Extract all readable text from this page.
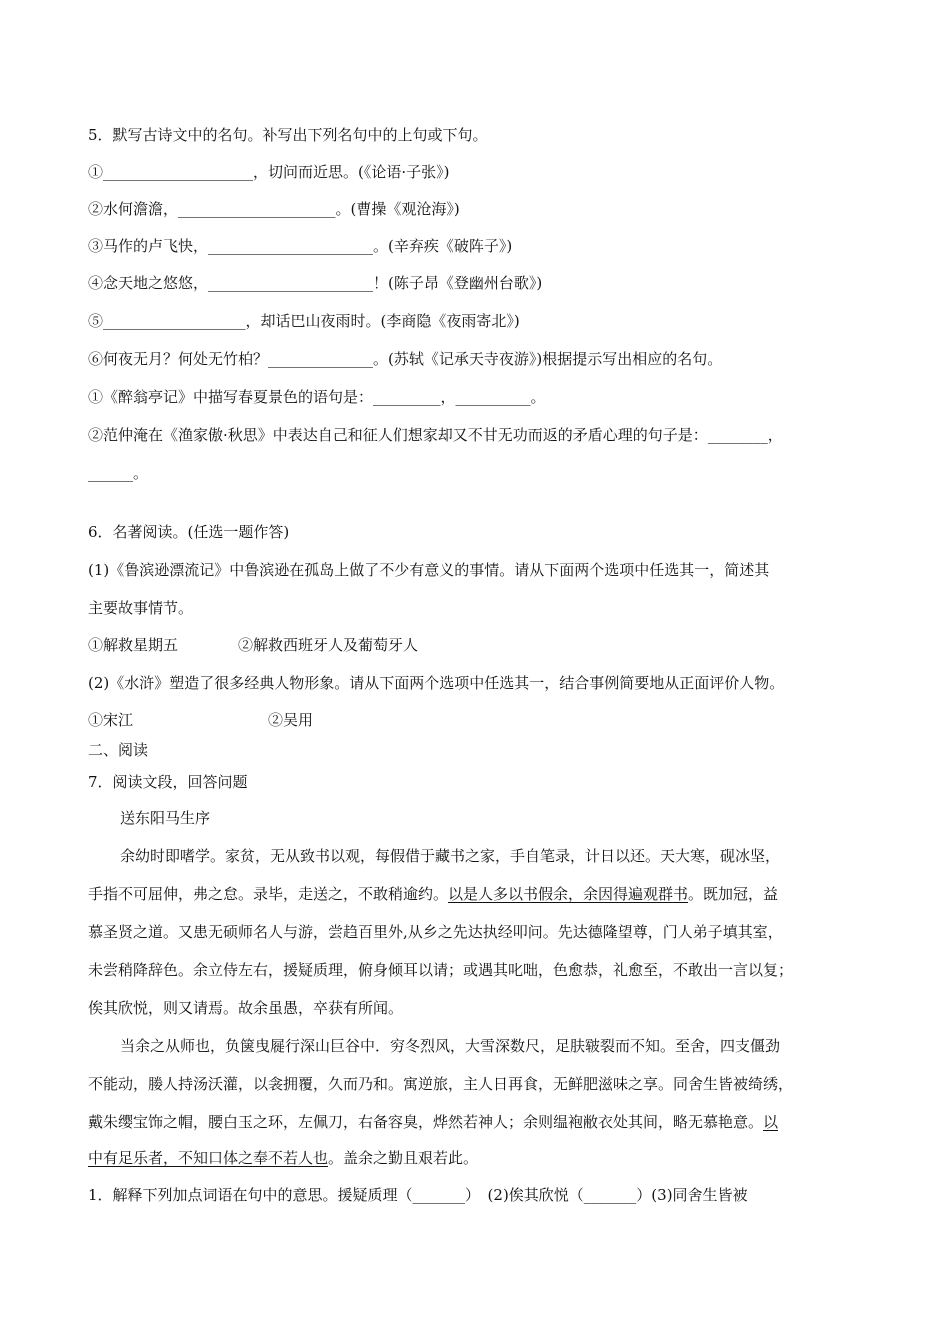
5．默写古诗文中的名句。补写出下列名句中的上句或下句。
①____________________，切问而近思。(《论语·子张》)
②水何澹澹，_____________________。(曹操《观沧海》)
③马作的卢飞快，______________________。(辛弃疾《破阵子》)
④念天地之悠悠，______________________！(陈子昂《登幽州台歌》)
⑤___________________，却话巴山夜雨时。(李商隐《夜雨寄北》)
⑥何夜无月？何处无竹柏？______________。(苏轼《记承天寺夜游》)根据提示写出相应的名句。
①《醉翁亭记》中描写春夏景色的语句是：_________，__________。
②范仲淹在《渔家傲·秋思》中表达自己和征人们想家却又不甘无功而返的矛盾心理的句子是：________，
______。
6．名著阅读。(任选一题作答)
(1)《鲁滨逊漂流记》中鲁滨逊在孤岛上做了不少有意义的事情。请从下面两个选项中任选其一，简述其
主要故事情节。
①解救星期五	②解救西班牙人及葡萄牙人
(2)《水浒》塑造了很多经典人物形象。请从下面两个选项中任选其一，结合事例简要地从正面评价人物。
①宋江	②吴用
二、阅读
7．阅读文段，回答问题
送东阳马生序
余幼时即嗜学。家贫，无从致书以观，每假借于藏书之家，手自笔录，计日以还。天大寒，砚冰坚，
手指不可屈伸，弗之怠。录毕，走送之，不敢稍逾约。以是人多以书假余，余因得遍观群书。既加冠，益
慕圣贤之道。又患无硕师名人与游，尝趋百里外,从乡之先达执经叩问。先达德隆望尊，门人弟子填其室，
未尝稍降辞色。余立侍左右，援疑质理，俯身倾耳以请；或遇其叱咄，色愈恭，礼愈至，不敢出一言以复；
俟其欣悦，则又请焉。故余虽愚，卒获有所闻。
当余之从师也，负箧曳屣行深山巨谷中．穷冬烈风，大雪深数尺，足肤皲裂而不知。至舍，四支僵劲
不能动，媵人持汤沃灌，以衾拥覆，久而乃和。寓逆旅，主人日再食，无鲜肥滋味之享。同舍生皆被绮绣，
戴朱缨宝饰之帽，腰白玉之环，左佩刀，右备容臭，烨然若神人；余则缊袍敝衣处其间，略无慕艳意。以
中有足乐者，不知口体之奉不若人也。盖余之勤且艰若此。
1．解释下列加点词语在句中的意思。援疑质理（_______）　(2)俟其欣悦（_______）(3)同舍生皆被
